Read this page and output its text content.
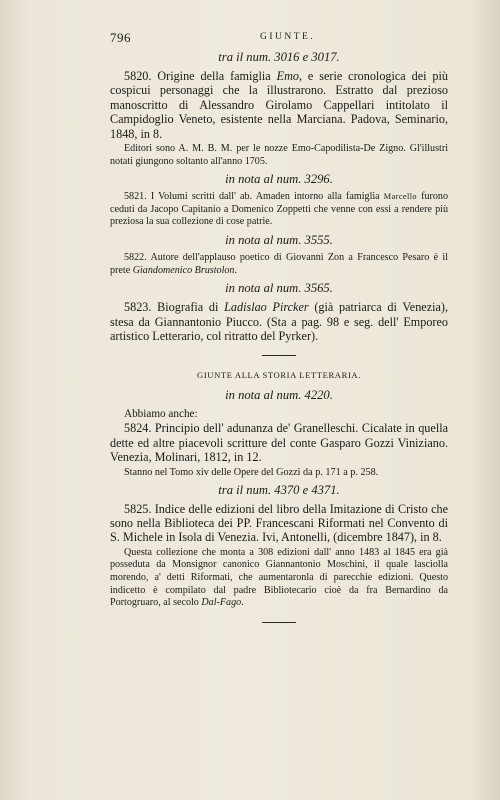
796	GIUNTE.
tra il num. 3016 e 3017.

5820. Origine della famiglia Emo, e serie cronologica dei più cospicui personaggi che la illustrarono. Estratto dal prezioso manoscritto di Alessandro Girolamo Cappellari intitolato il Campidoglio Veneto, esistente nella Marciana. Padova, Seminario, 1848, in 8.

Editori sono A. M. B. M. per le nozze Emo-Capodilista-De Zigno. Gl'illustri notati giungono soltanto all'anno 1705.

in nota al num. 3296.

5821. I Volumi scritti dall' ab. Amaden intorno alla famiglia Marcello furono ceduti da Jacopo Capitanio a Domenico Zoppetti che venne con essi a rendere più preziosa la sua collezione di cose patrie.

in nota al num. 3555.

5822. Autore dell'applauso poetico di Giovanni Zon a Francesco Pesaro è il prete Giandomenico Brustolon.

in nota al num. 3565.

5823. Biografia di Ladislao Pircker (già patriarca di Venezia), stesa da Giannantonio Piucco. (Sta a pag. 98 e seg. dell' Emporeo artistico Letterario, col ritratto del Pyrker).

GIUNTE ALLA STORIA LETTERARIA.
in nota al num. 4220.

Abbiamo anche:

5824. Principio dell' adunanza de' Granelleschi. Cicalate in quella dette ed altre piacevoli scritture del conte Gasparo Gozzi Viniziano. Venezia, Molinari, 1812, in 12.

Stanno nel Tomo xiv delle Opere del Gozzi da p. 171 a p. 258.

tra il num. 4370 e 4371.

5825. Indice delle edizioni del libro della Imitazione di Cristo che sono nella Biblioteca dei PP. Francescani Riformati nel Convento di S. Michele in Isola di Venezia. Ivi, Antonelli, (dicembre 1847), in 8.

Questa collezione che monta a 308 edizioni dall' anno 1483 al 1845 era già posseduta da Monsignor canonico Giannantonio Moschini, il quale lasciolla morendo, a' detti Riformati, che aumentaronla di parecchie edizioni. Questo indicetto è compilato dal padre Bibliotecario cioè da fra Bernardino da Portogruaro, al secolo Dal-Fago.
